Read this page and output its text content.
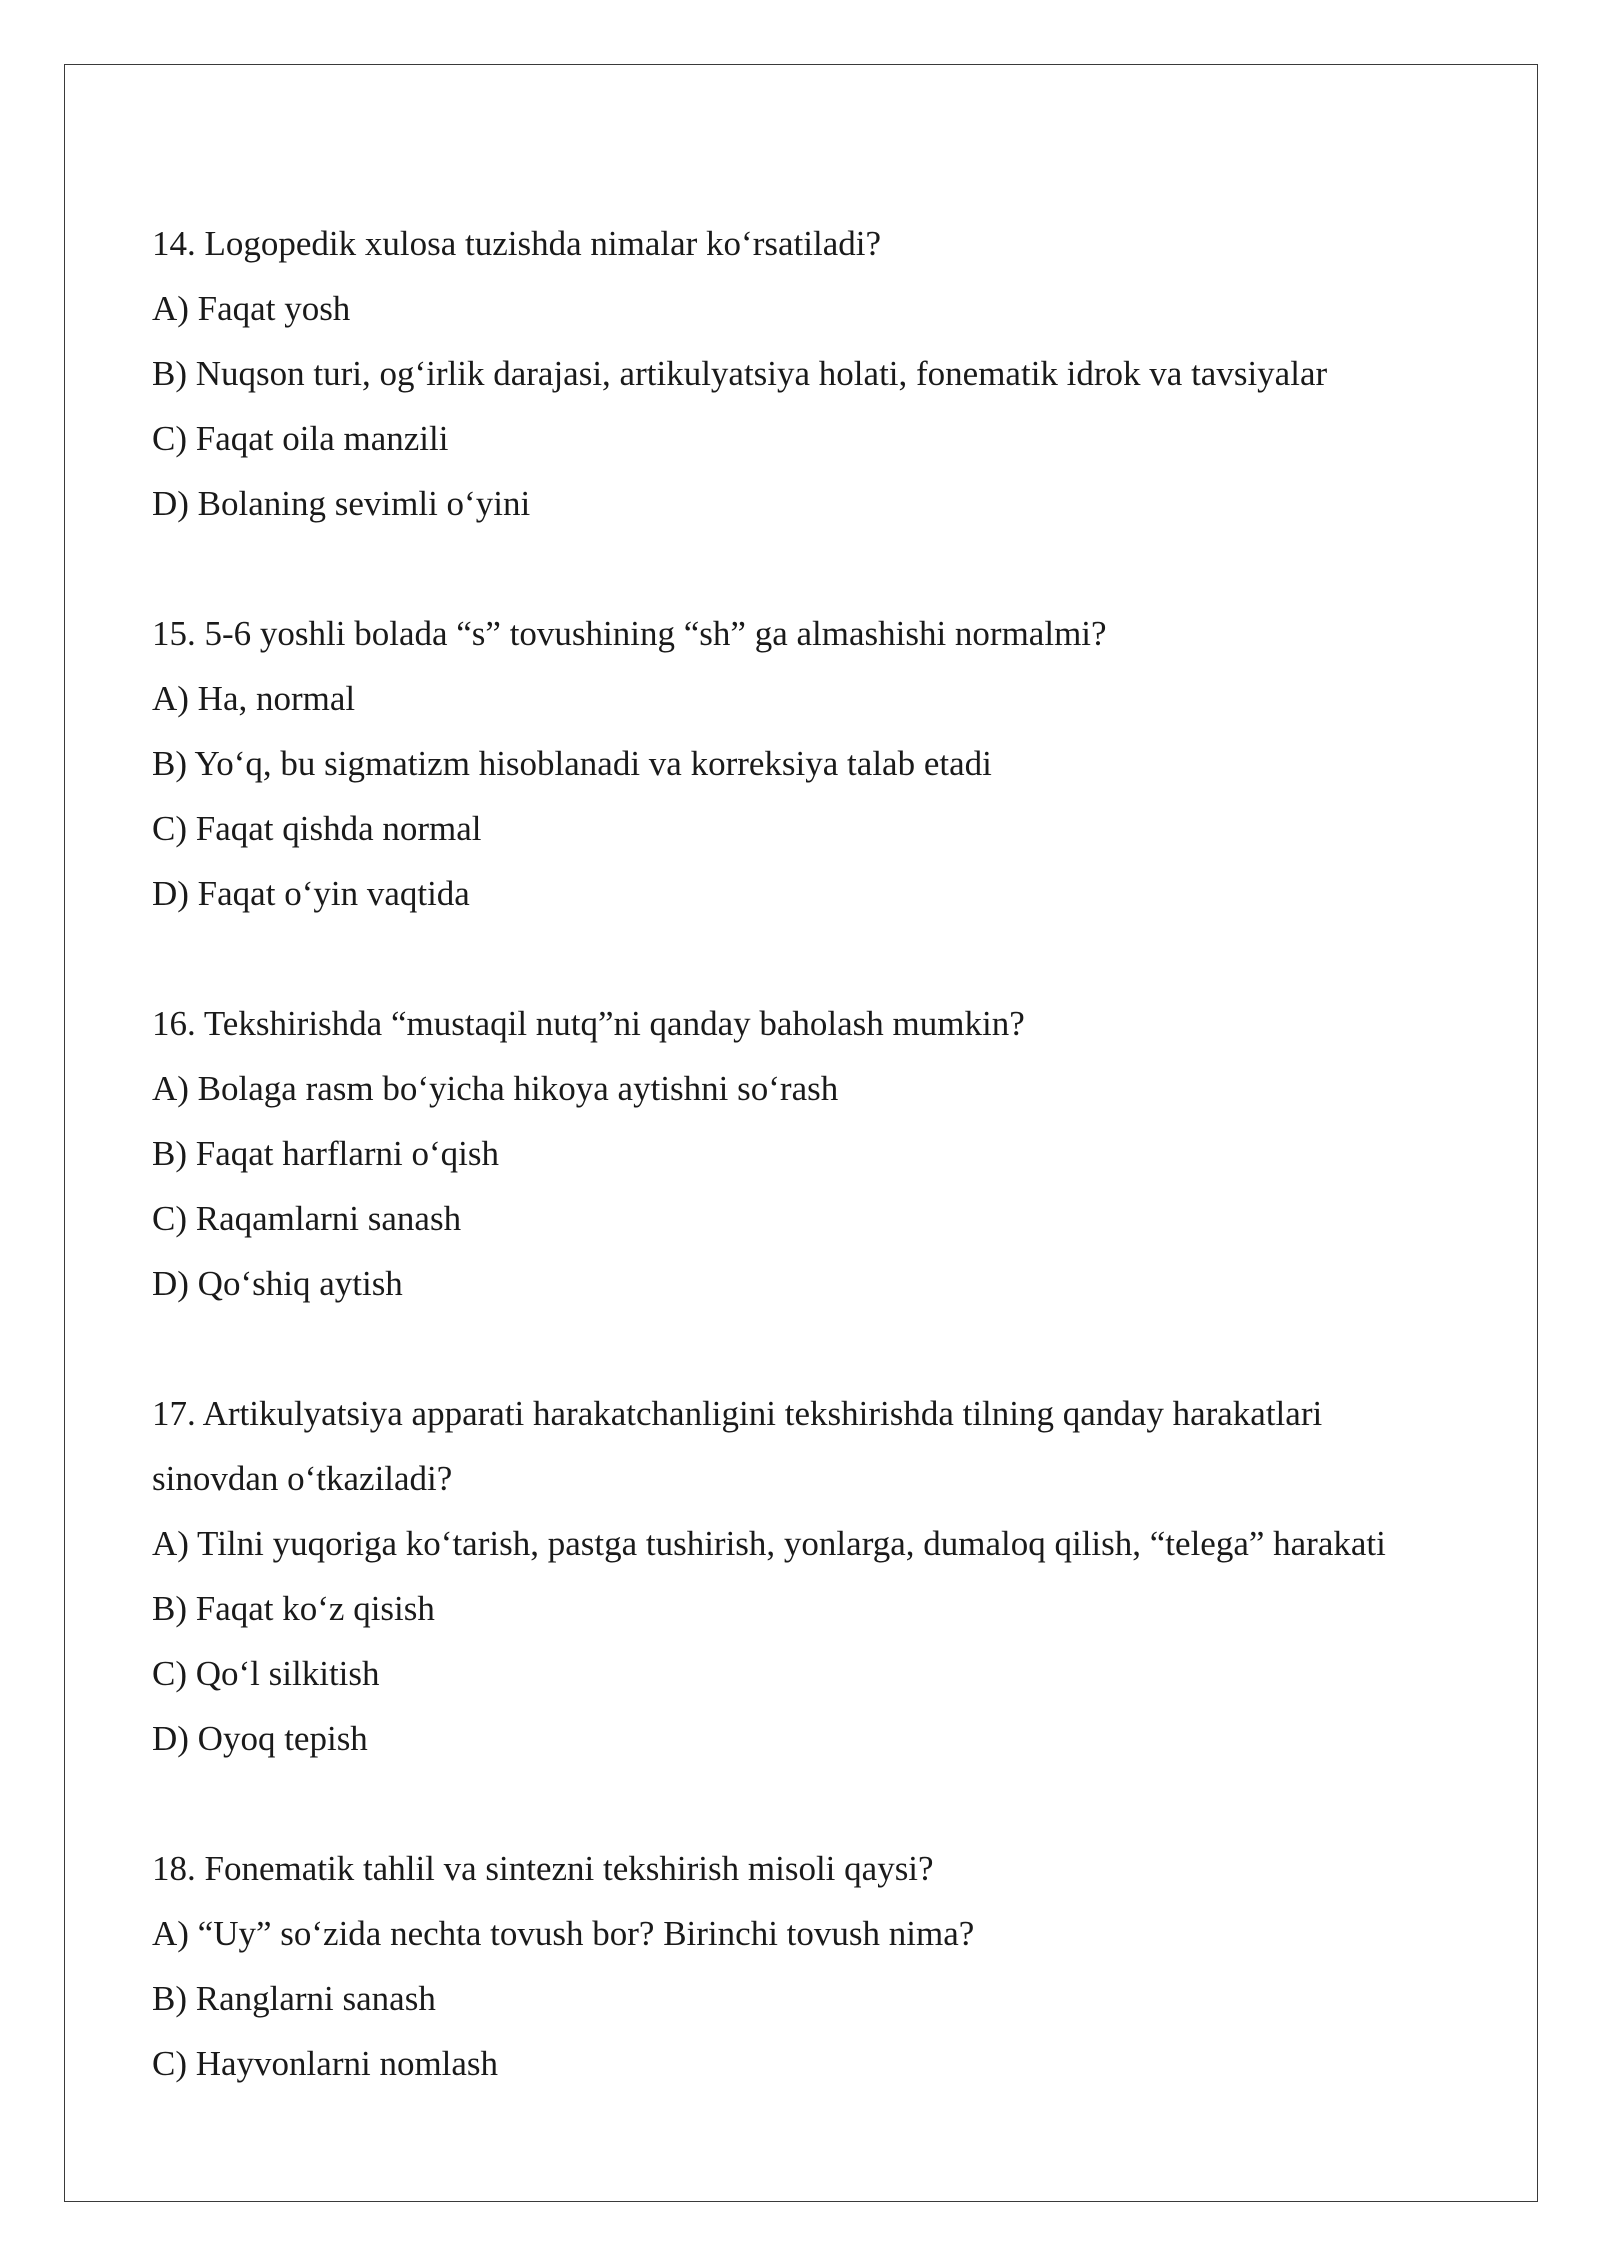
14. Logopedik xulosa tuzishda nimalar ko‘rsatiladi?

A) Faqat yosh

B) Nuqson turi, og‘irlik darajasi, artikulyatsiya holati, fonematik idrok va tavsiyalar

C) Faqat oila manzili

D) Bolaning sevimli o‘yini

15. 5-6 yoshli bolada “s” tovushining “sh” ga almashishi normalmi?

A) Ha, normal

B) Yo‘q, bu sigmatizm hisoblanadi va korreksiya talab etadi

C) Faqat qishda normal

D) Faqat o‘yin vaqtida

16. Tekshirishda “mustaqil nutq”ni qanday baholash mumkin?

A) Bolaga rasm bo‘yicha hikoya aytishni so‘rash

B) Faqat harflarni o‘qish

C) Raqamlarni sanash

D) Qo‘shiq aytish

17. Artikulyatsiya apparati harakatchanligini tekshirishda tilning qanday harakatlari

sinovdan o‘tkaziladi?

A) Tilni yuqoriga ko‘tarish, pastga tushirish, yonlarga, dumaloq qilish, “telega” harakati

B) Faqat ko‘z qisish

C) Qo‘l silkitish

D) Oyoq tepish

18. Fonematik tahlil va sintezni tekshirish misoli qaysi?

A) “Uy” so‘zida nechta tovush bor? Birinchi tovush nima?

B) Ranglarni sanash

C) Hayvonlarni nomlash
